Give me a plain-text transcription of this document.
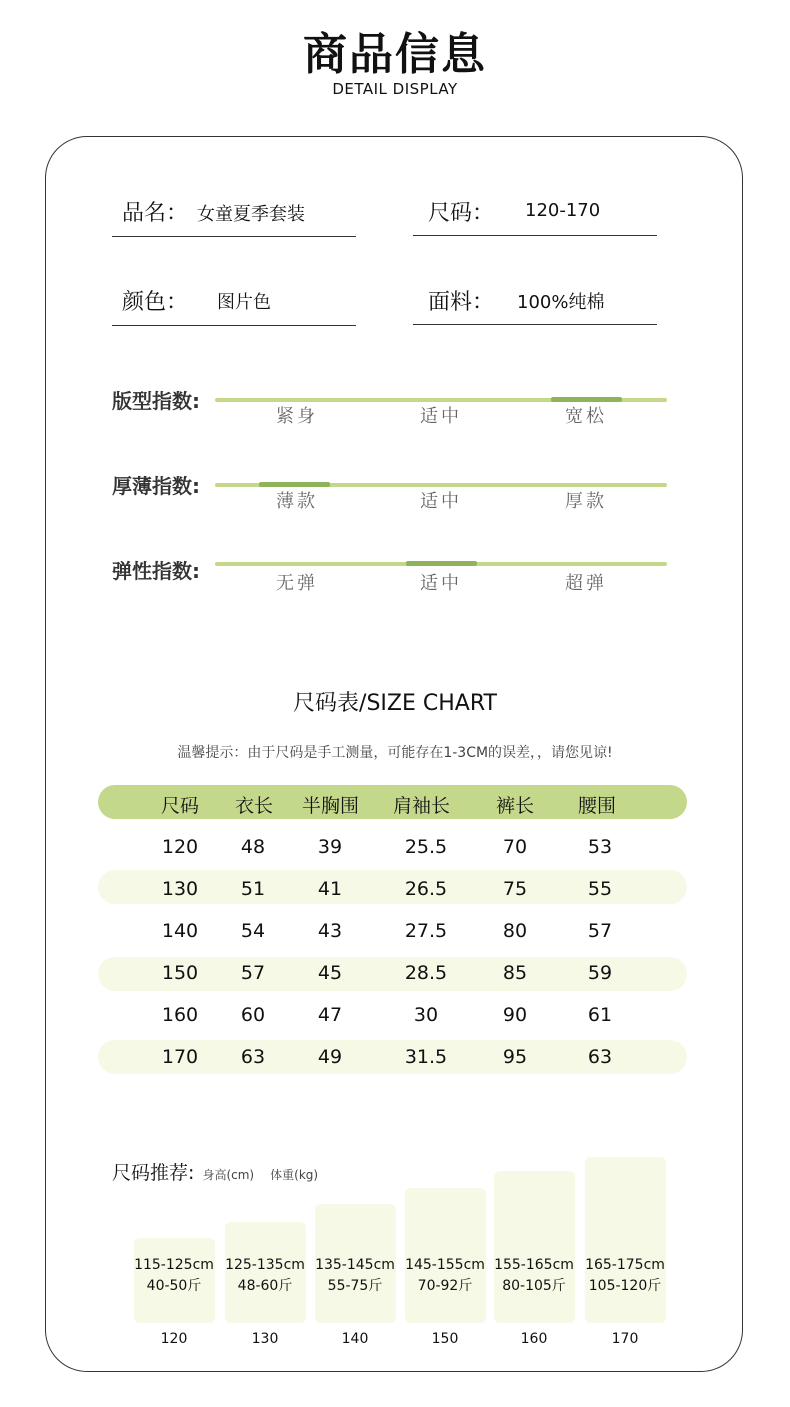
商品信息
DETAIL DISPLAY
品名： 女童夏季套装	尺码： 120-170
颜色： 图片色	面料： 100%纯棉
版型指数:
紧身	适中	宽松
厚薄指数:
薄款	适中	厚款
弹性指数:
无弹	适中	超弹
尺码表/SIZE CHART
温馨提示：由于尺码是手工测量，可能存在1-3CM的误差，，请您见谅!
尺码 衣长 半胸围 肩袖长 裤长 腰围
120	48	39	25.5	70	53
130	51	41	26.5	75	55
140	54	43	27.5	80	57
150	57	45	28.5	85	59
160	60	47	30	90	61
170	63	49	31.5	95	63
尺码推荐: 身高(cm) 体重(kg)
115-125cm
40-50斤
120
125-135cm
48-60斤
130
135-145cm
55-75斤
140
145-155cm
70-92斤
150
155-165cm
80-105斤
160
165-175cm
105-120斤
170
